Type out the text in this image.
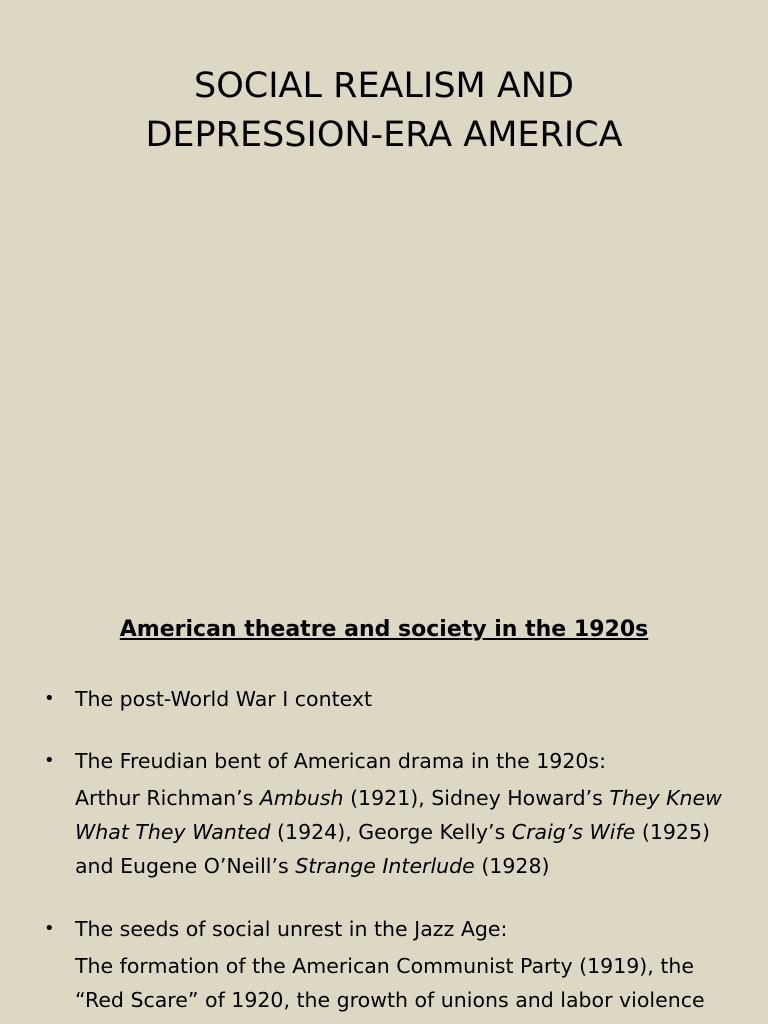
SOCIAL REALISM AND
DEPRESSION-ERA AMERICA
American theatre and society in the 1920s
• The post-World War I context
• The Freudian bent of American drama in the 1920s:
Arthur Richman’s Ambush (1921), Sidney Howard’s They Knew What They Wanted (1924), George Kelly’s Craig’s Wife (1925) and Eugene O’Neill’s Strange Interlude (1928)
• The seeds of social unrest in the Jazz Age:
The formation of the American Communist Party (1919), the “Red Scare” of 1920, the growth of unions and labor violence
